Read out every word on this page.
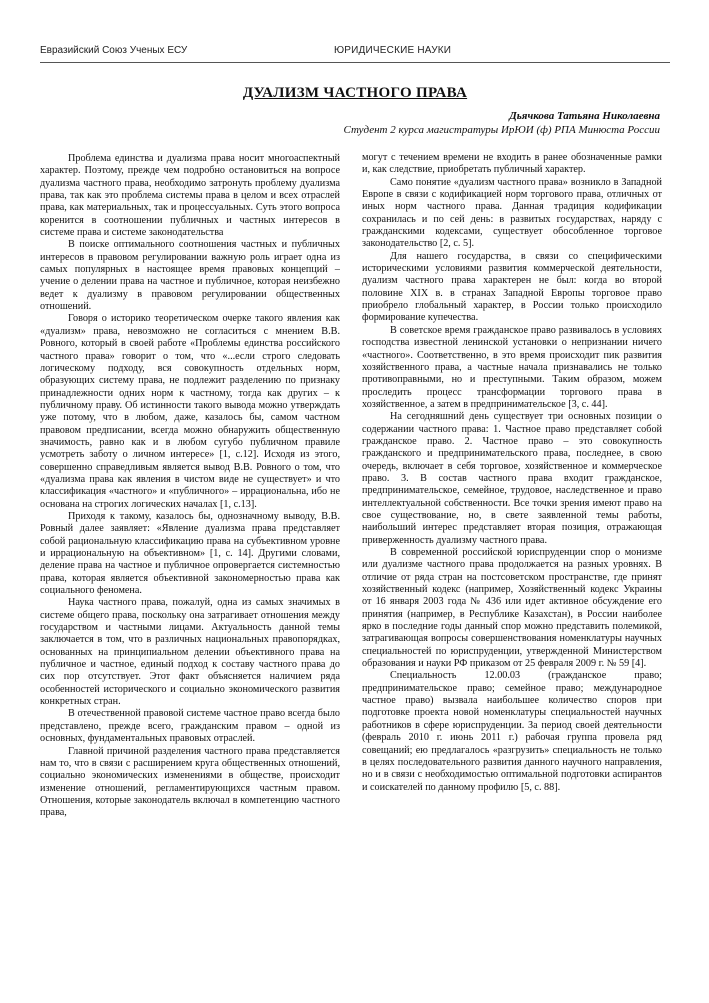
Евразийский Союз Ученых ЕСУ	ЮРИДИЧЕСКИЕ НАУКИ
ДУАЛИЗМ ЧАСТНОГО ПРАВА
Дьячкова Татьяна Николаевна
Студент 2 курса магистратуры ИрЮИ (ф) РПА Минюста России

Проблема единства и дуализма права носит многоаспектный характер. Поэтому, прежде чем подробно остановиться на вопросе дуализма частного права, необходимо затронуть проблему дуализма права, так как это проблема системы права в целом и всех отраслей права, как материальных, так и процессуальных. Суть этого вопроса коренится в соотношении публичных и частных интересов в системе права и системе законодательства

В поиске оптимального соотношения частных и публичных интересов в правовом регулировании важную роль играет одна из самых популярных в настоящее время правовых концепций – учение о делении права на частное и публичное, которая неизбежно ведет к дуализму в правовом регулировании общественных отношений.

Говоря о историко теоретическом очерке такого явления как «дуализм» права, невозможно не согласиться с мнением В.В. Ровного, который в своей работе «Проблемы единства российского частного права» говорит о том, что «...если строго следовать логическому подходу, вся совокупность отдельных норм, образующих систему права, не подлежит разделению по признаку принадлежности одних норм к частному, тогда как других – к публичному праву. Об истинности такого вывода можно утверждать уже потому, что в любом, даже, казалось бы, самом частном правовом предписании, всегда можно обнаружить общественную значимость, равно как и в любом сугубо публичном правиле усмотреть заботу о личном интересе» [1, с.12]. Исходя из этого, совершенно справедливым является вывод В.В. Ровного о том, что «дуализма права как явления в чистом виде не существует» и что классификация «частного» и «публичного» – иррациональна, ибо не основана на строгих логических началах [1, с.13].

Приходя к такому, казалось бы, однозначному выводу, В.В. Ровный далее заявляет: «Явление дуализма права представляет собой рациональную классификацию права на субъективном уровне и иррациональную на объективном» [1, с. 14]. Другими словами, деление права на частное и публичное опровергается системностью права, которая является объективной закономерностью права как социального феномена.

Наука частного права, пожалуй, одна из самых значимых в системе общего права, поскольку она затрагивает отношения между государством и частными лицами. Актуальность данной темы заключается в том, что в различных национальных правопорядках, основанных на принципиальном делении объективного права на публичное и частное, единый подход к составу частного права до сих пор отсутствует. Этот факт объясняется наличием ряда особенностей исторического и социально экономического развития конкретных стран.

В отечественной правовой системе частное право всегда было представлено, прежде всего, гражданским правом – одной из основных, фундаментальных правовых отраслей.

Главной причиной разделения частного права представляется нам то, что в связи с расширением круга общественных отношений, социально экономических изменениями в обществе, происходит изменение отношений, регламентирующихся частным правом. Отношения, которые законодатель включал в компетенцию частного права,

могут с течением времени не входить в ранее обозначенные рамки и, как следствие, приобретать публичный характер.

Само понятие «дуализм частного права» возникло в Западной Европе в связи с кодификацией норм торгового права, отличных от иных норм частного права. Данная традиция кодификации сохранилась и по сей день: в развитых государствах, наряду с гражданскими кодексами, существует обособленное торговое законодательство [2, с. 5].

Для нашего государства, в связи со специфическими историческими условиями развития коммерческой деятельности, дуализм частного права характерен не был: когда во второй половине XIX в. в странах Западной Европы торговое право приобрело глобальный характер, в России только происходило формирование купечества.

В советское время гражданское право развивалось в условиях господства известной ленинской установки о непризнании ничего «частного». Соответственно, в это время происходит пик развития хозяйственного права, а частные начала признавались не только противоправными, но и преступными. Таким образом, можем проследить процесс трансформации торгового права в хозяйственное, а затем в предпринимательское [3, с. 44].

На сегодняшний день существует три основных позиции о содержании частного права: 1. Частное право представляет собой гражданское право. 2. Частное право – это совокупность гражданского и предпринимательского права, последнее, в свою очередь, включает в себя торговое, хозяйственное и коммерческое право. 3. В состав частного права входит гражданское, предпринимательское, семейное, трудовое, наследственное и право интеллектуальной собственности. Все точки зрения имеют право на свое существование, но, в свете заявленной темы работы, наибольший интерес представляет вторая позиция, отражающая приверженность дуализму частного права.

В современной российской юриспруденции спор о монизме или дуализме частного права продолжается на разных уровнях. В отличие от ряда стран на постсоветском пространстве, где принят хозяйственный кодекс (например, Хозяйственный кодекс Украины от 16 января 2003 года № 436 или идет активное обсуждение его принятия (например, в Республике Казахстан), в России наиболее ярко в последние годы данный спор можно представить полемикой, затрагивающая вопросы совершенствования номенклатуры научных специальностей по юриспруденции, утвержденной Министерством образования и науки РФ приказом от 25 февраля 2009 г. № 59 [4].

Специальность 12.00.03 (гражданское право; предпринимательское право; семейное право; международное частное право) вызвала наибольшее количество споров при подготовке проекта новой номенклатуры специальностей научных работников в сфере юриспруденции. За период своей деятельности (февраль 2010 г. июнь 2011 г.) рабочая группа провела ряд совещаний; ею предлагалось «разгрузить» специальность не только в целях последовательного развития данного научного направления, но и в связи с необходимостью оптимальной подготовки аспирантов и соискателей по данному профилю [5, с. 88].
